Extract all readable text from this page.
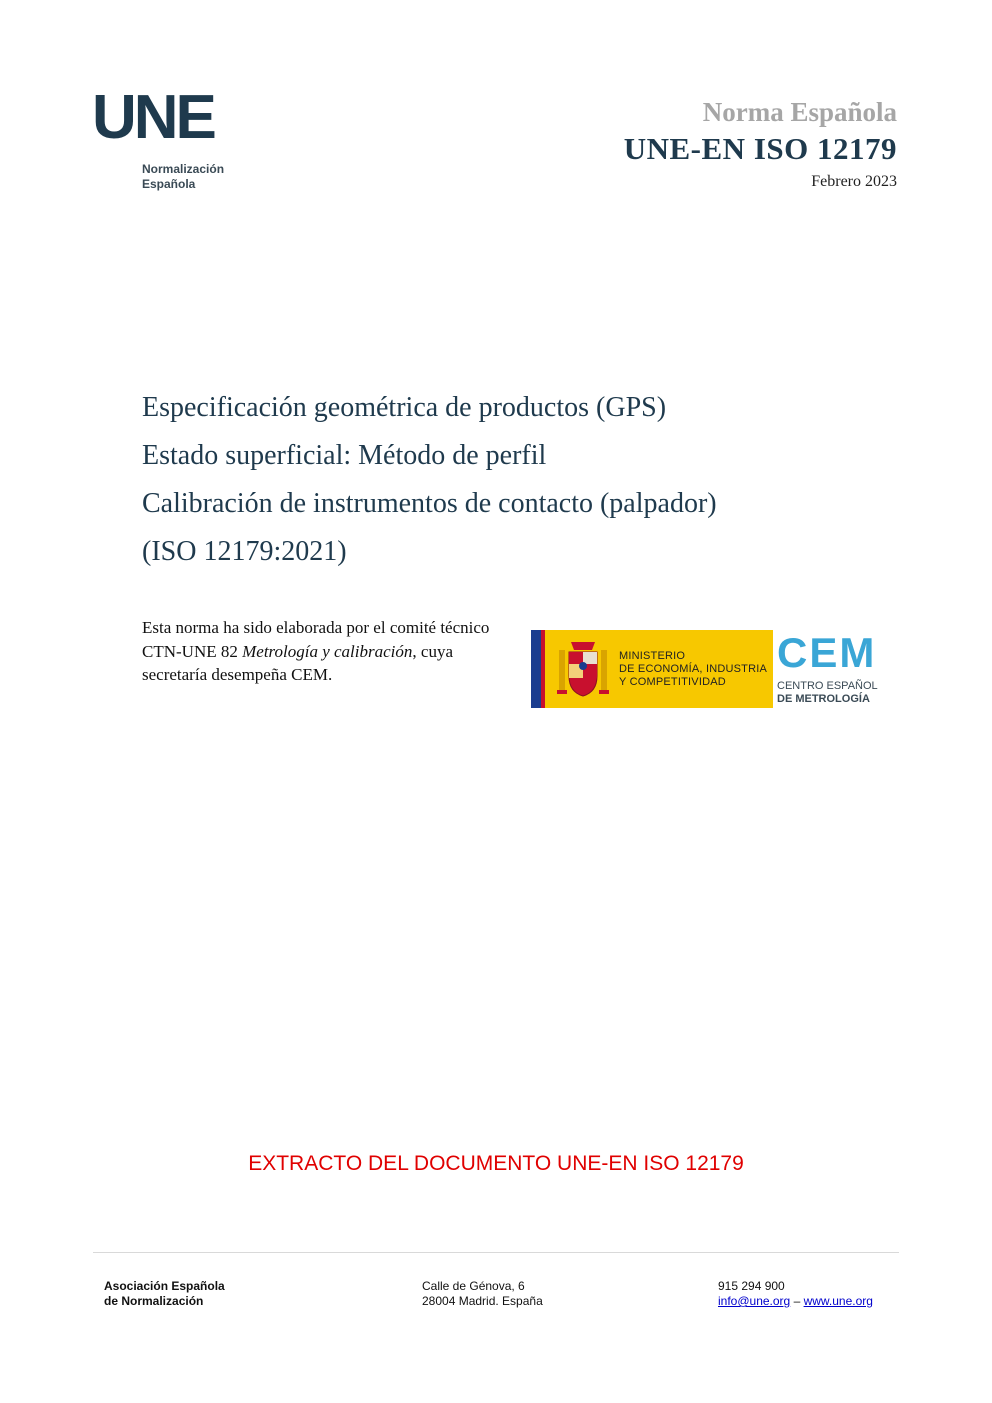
UNE
Normalización
Española
Norma Española
UNE-EN ISO 12179
Febrero 2023
Especificación geométrica de productos (GPS)
Estado superficial: Método de perfil
Calibración de instrumentos de contacto (palpador)
(ISO 12179:2021)
Esta norma ha sido elaborada por el comité técnico CTN-UNE 82 Metrología y calibración, cuya secretaría desempeña CEM.
MINISTERIO
DE ECONOMÍA, INDUSTRIA
Y COMPETITIVIDAD
CEM
CENTRO ESPAÑOL
DE METROLOGÍA
EXTRACTO DEL DOCUMENTO UNE-EN ISO 12179
Asociación Española
de Normalización
Calle de Génova, 6
28004 Madrid. España
915 294 900
info@une.org – www.une.org
